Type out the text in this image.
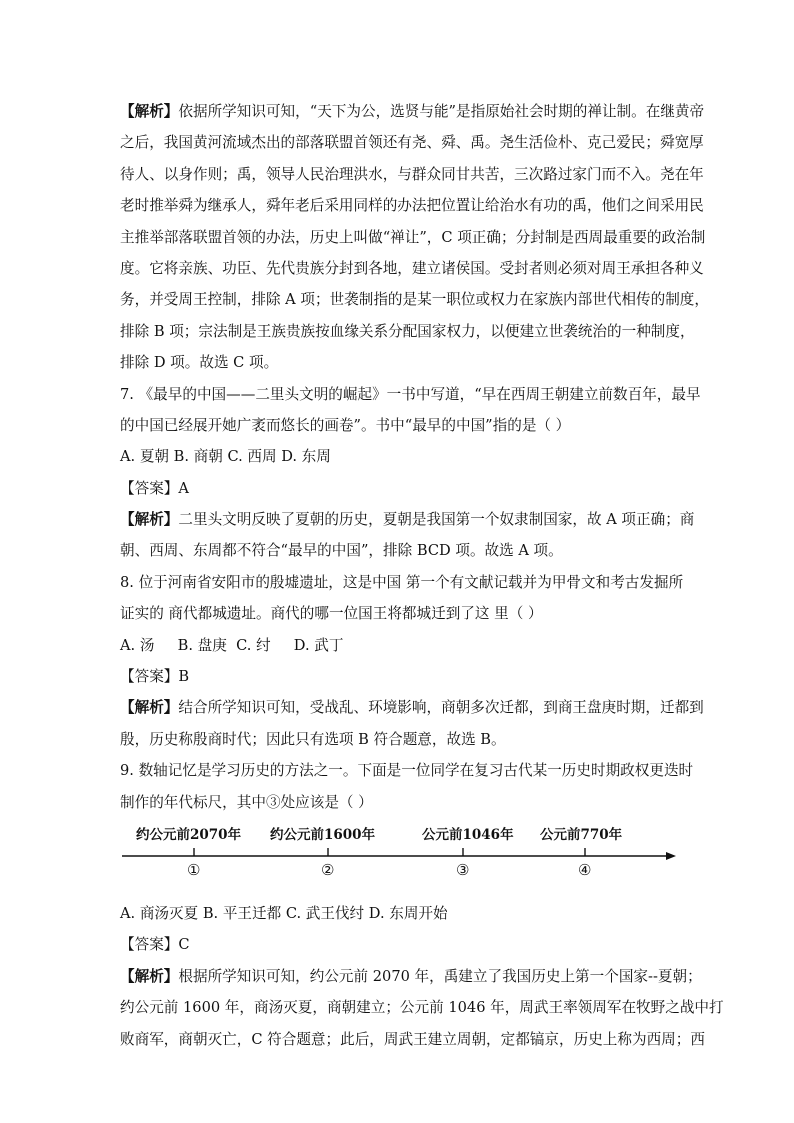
【解析】依据所学知识可知，“天下为公，选贤与能”是指原始社会时期的禅让制。在继黄帝
之后，我国黄河流域杰出的部落联盟首领还有尧、舜、禹。尧生活俭朴、克己爱民；舜宽厚
待人、以身作则；禹，领导人民治理洪水，与群众同甘共苦，三次路过家门而不入。尧在年
老时推举舜为继承人，舜年老后采用同样的办法把位置让给治水有功的禹，他们之间采用民
主推举部落联盟首领的办法，历史上叫做“禅让”，C 项正确；分封制是西周最重要的政治制
度。它将亲族、功臣、先代贵族分封到各地，建立诸侯国。受封者则必须对周王承担各种义
务，并受周王控制，排除 A 项；世袭制指的是某一职位或权力在家族内部世代相传的制度，
排除 B 项；宗法制是王族贵族按血缘关系分配国家权力，以便建立世袭统治的一种制度，
排除 D 项。故选 C 项。
7. 《最早的中国——二里头文明的崛起》一书中写道，“早在西周王朝建立前数百年，最早
的中国已经展开她广袤而悠长的画卷”。书中“最早的中国”指的是（ ）
A. 夏朝 B. 商朝 C. 西周 D. 东周
【答案】A
【解析】二里头文明反映了夏朝的历史，夏朝是我国第一个奴隶制国家，故 A 项正确；商
朝、西周、东周都不符合“最早的中国”，排除 BCD 项。故选 A 项。
8. 位于河南省安阳市的殷墟遗址，这是中国 第一个有文献记载并为甲骨文和考古发掘所
证实的 商代都城遗址。商代的哪一位国王将都城迁到了这 里（ ）
A. 汤     B. 盘庚  C. 纣     D. 武丁
【答案】B
【解析】结合所学知识可知，受战乱、环境影响，商朝多次迁都，到商王盘庚时期，迁都到
殷，历史称殷商时代；因此只有选项 B 符合题意，故选 B。
9. 数轴记忆是学习历史的方法之一。下面是一位同学在复习古代某一历史时期政权更迭时
制作的年代标尺，其中③处应该是（ ）
约公元前2070年 约公元前1600年	公元前1046年 公元前770年
①	②	③	④
A. 商汤灭夏 B. 平王迁都 C. 武王伐纣 D. 东周开始
【答案】C
【解析】根据所学知识可知，约公元前 2070 年，禹建立了我国历史上第一个国家--夏朝；
约公元前 1600 年，商汤灭夏，商朝建立；公元前 1046 年，周武王率领周军在牧野之战中打
败商军，商朝灭亡，C 符合题意；此后，周武王建立周朝，定都镐京，历史上称为西周；西
